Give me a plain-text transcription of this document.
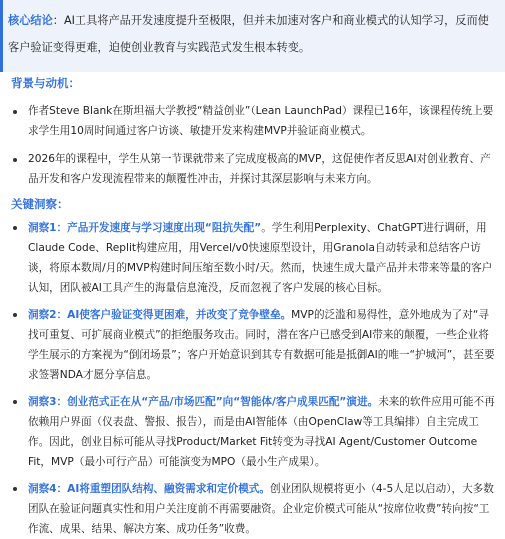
核心结论：AI工具将产品开发速度提升至极限，但并未加速对客户和商业模式的认知学习，反而使客户验证变得更难，迫使创业教育与实践范式发生根本转变。

背景与动机：
作者Steve Blank在斯坦福大学教授“精益创业”（Lean LaunchPad）课程已16年，该课程传统上要求学生用10周时间通过客户访谈、敏捷开发来构建MVP并验证商业模式。
2026年的课程中，学生从第一节课就带来了完成度极高的MVP，这促使作者反思AI对创业教育、产品开发和客户发现流程带来的颠覆性冲击，并探讨其深层影响与未来方向。
关键洞察：
洞察1：产品开发速度与学习速度出现“阻抗失配”。学生利用Perplexity、ChatGPT进行调研，用Claude Code、Replit构建应用，用Vercel/v0快速原型设计，用Granola自动转录和总结客户访谈，将原本数周/月的MVP构建时间压缩至数小时/天。然而，快速生成大量产品并未带来等量的客户认知，团队被AI工具产生的海量信息淹没，反而忽视了客户发展的核心目标。
洞察2：AI使客户验证变得更困难，并改变了竞争壁垒。MVP的泛滥和易得性，意外地成为了对“寻找可重复、可扩展商业模式”的拒绝服务攻击。同时，潜在客户已感受到AI带来的颠覆，一些企业将学生展示的方案视为“倒闭场景”；客户开始意识到其专有数据可能是抵御AI的唯一“护城河”，甚至要求签署NDA才愿分享信息。
洞察3：创业范式正在从“产品/市场匹配”向“智能体/客户成果匹配”演进。未来的软件应用可能不再依赖用户界面（仪表盘、警报、报告），而是由AI智能体（由OpenClaw等工具编排）自主完成工作。因此，创业目标可能从寻找Product/Market Fit转变为寻找AI Agent/Customer Outcome Fit，MVP（最小可行产品）可能演变为MPO（最小生产成果）。
洞察4：AI将重塑团队结构、融资需求和定价模式。创业团队规模将更小（4-5人足以启动），大多数团队在验证问题真实性和用户关注度前不再需要融资。企业定价模式可能从“按席位收费”转向按“工作流、成果、结果、解决方案、成功任务”收费。
